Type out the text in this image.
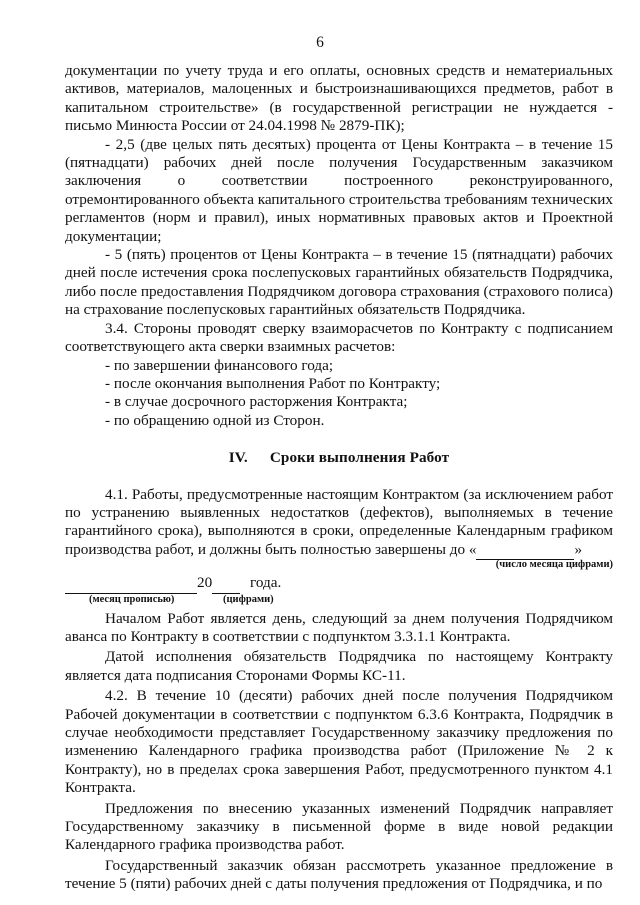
6

документации по учету труда и его оплаты, основных средств и нематериальных активов, материалов, малоценных и быстроизнашивающихся предметов, работ в капитальном строительстве» (в государственной регистрации не нуждается - письмо Минюста России от 24.04.1998 № 2879-ПК);

- 2,5 (две целых пять десятых) процента от Цены Контракта – в течение 15 (пятнадцати) рабочих дней после получения Государственным заказчиком заключения о соответствии построенного реконструированного, отремонтированного объекта капитального строительства требованиям технических регламентов (норм и правил), иных нормативных правовых актов и Проектной документации;

- 5 (пять) процентов от Цены Контракта – в течение 15 (пятнадцати) рабочих дней после истечения срока послепусковых гарантийных обязательств Подрядчика, либо после предоставления Подрядчиком договора страхования (страхового полиса) на страхование послепусковых гарантийных обязательств Подрядчика.

3.4. Стороны проводят сверку взаиморасчетов по Контракту с подписанием соответствующего акта сверки взаимных расчетов:

- по завершении финансового года;

- после окончания выполнения Работ по Контракту;

- в случае досрочного расторжения Контракта;

- по обращению одной из Сторон.

IV. Сроки выполнения Работ

4.1. Работы, предусмотренные настоящим Контрактом (за исключением работ по устранению выявленных недостатков (дефектов), выполняемых в течение гарантийного срока), выполняются в сроки, определенные Календарным графиком производства работ, и должны быть полностью завершены до «	»

(число месяца цифрами)
20 года.
(месяц прописью)	(цифрами)

Началом Работ является день, следующий за днем получения Подрядчиком аванса по Контракту в соответствии с подпунктом 3.3.1.1 Контракта.

Датой исполнения обязательств Подрядчика по настоящему Контракту является дата подписания Сторонами Формы КС-11.

4.2. В течение 10 (десяти) рабочих дней после получения Подрядчиком Рабочей документации в соответствии с подпунктом 6.3.6 Контракта, Подрядчик в случае необходимости представляет Государственному заказчику предложения по изменению Календарного графика производства работ (Приложение № 2 к Контракту), но в пределах срока завершения Работ, предусмотренного пунктом 4.1 Контракта.

Предложения по внесению указанных изменений Подрядчик направляет Государственному заказчику в письменной форме в виде новой редакции Календарного графика производства работ.

Государственный заказчик обязан рассмотреть указанное предложение в течение 5 (пяти) рабочих дней с даты получения предложения от Подрядчика, и по
